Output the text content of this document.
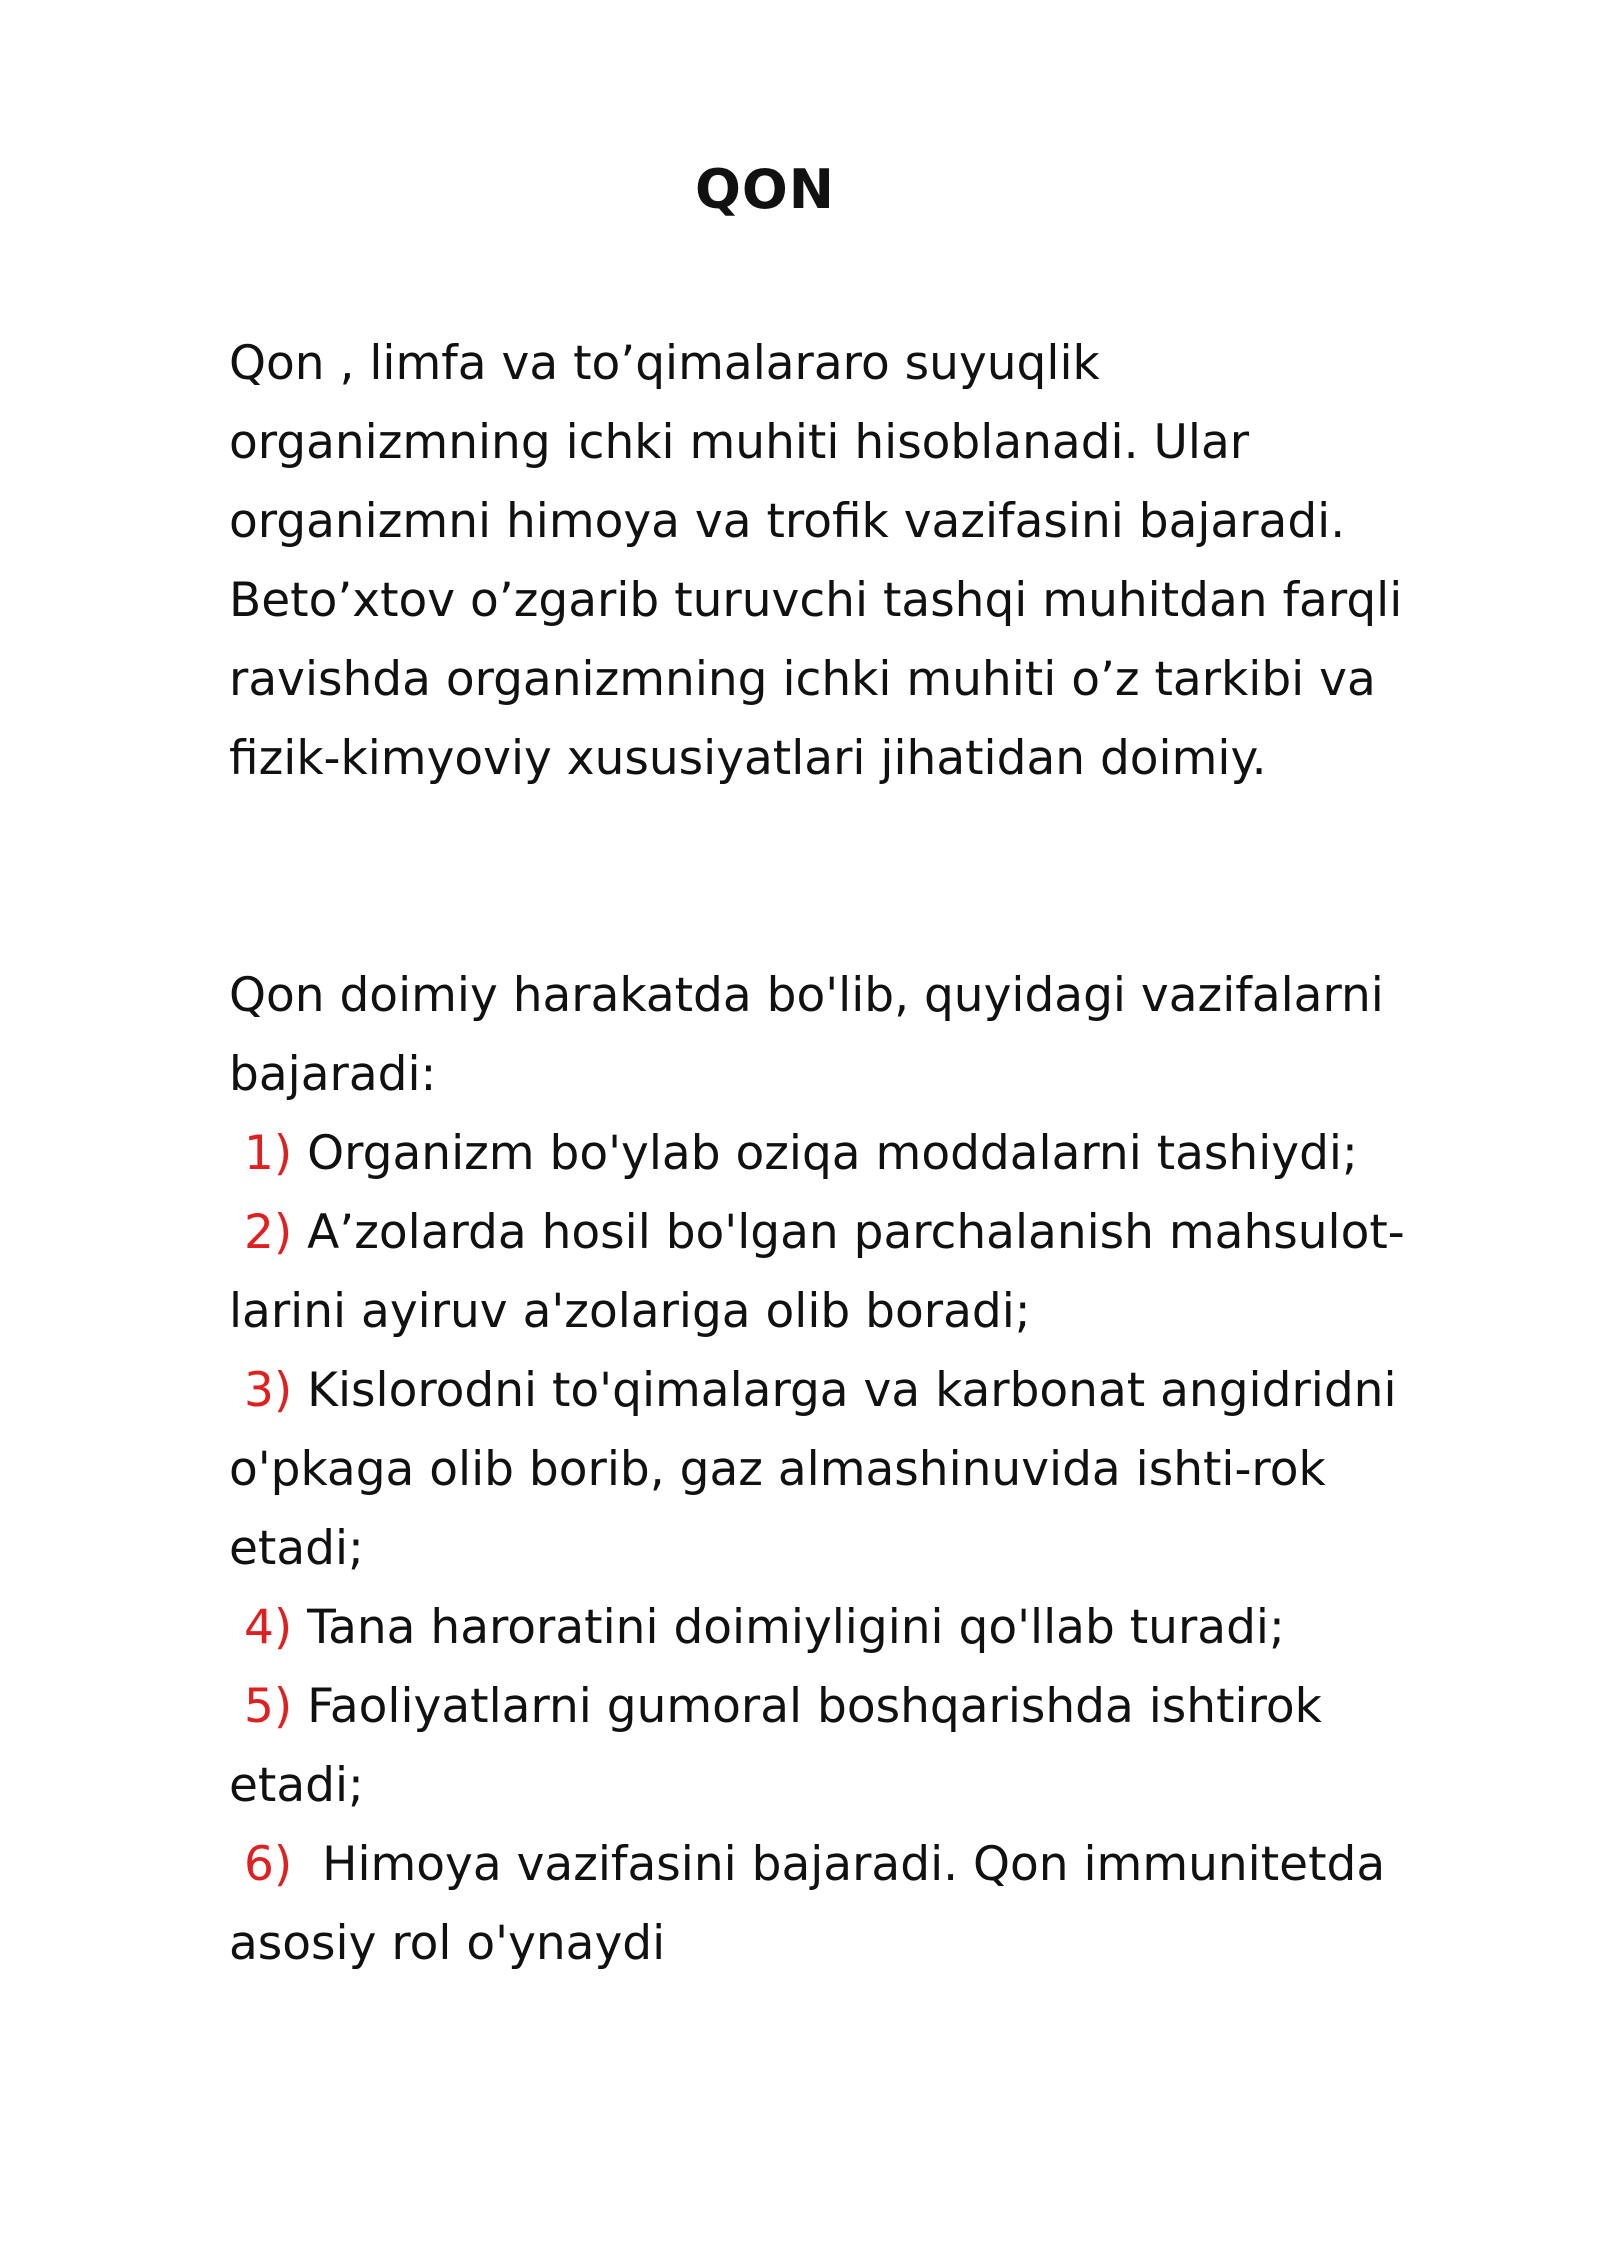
QON

Qon , limfa va to’qimalararo suyuqlik
organizmning ichki muhiti hisoblanadi. Ular
organizmni himoya va trofik vazifasini bajaradi.
Beto’xtov o’zgarib turuvchi tashqi muhitdan farqli
ravishda organizmning ichki muhiti o’z tarkibi va
fizik-kimyoviy xususiyatlari jihatidan doimiy.

Qon doimiy harakatda bo'lib, quyidagi vazifalarni
bajaradi:
1) Organizm bo'ylab oziqa moddalarni tashiydi;
2) A’zolarda hosil bo'lgan parchalanish mahsulot-
larini ayiruv a'zolariga olib boradi;
3) Kislorodni to'qimalarga va karbonat angidridni
o'pkaga olib borib, gaz almashinuvida ishti-rok
etadi;
4) Tana haroratini doimiyligini qo'llab turadi;
5) Faoliyatlarni gumoral boshqarishda ishtirok
etadi;
6)  Himoya vazifasini bajaradi. Qon immunitetda
asosiy rol o'ynaydi
